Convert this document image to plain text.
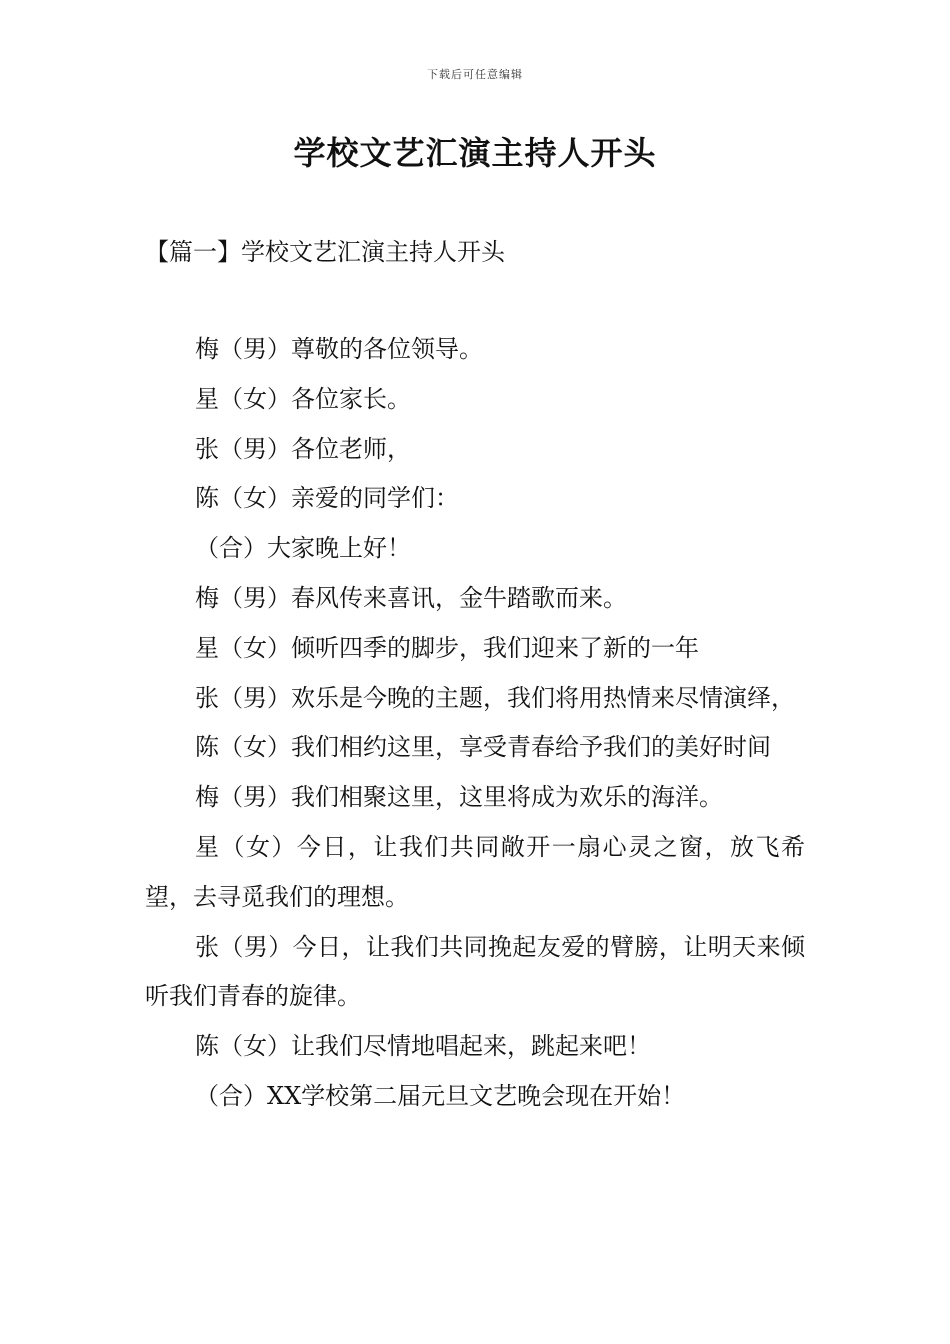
下载后可任意编辑
学校文艺汇演主持人开头
【篇一】学校文艺汇演主持人开头

梅（男）尊敬的各位领导。

星（女）各位家长。

张（男）各位老师，

陈（女）亲爱的同学们：

（合）大家晚上好！

梅（男）春风传来喜讯，金牛踏歌而来。

星（女）倾听四季的脚步，我们迎来了新的一年

张（男）欢乐是今晚的主题，我们将用热情来尽情演绎，

陈（女）我们相约这里，享受青春给予我们的美好时间

梅（男）我们相聚这里，这里将成为欢乐的海洋。

星（女）今日，让我们共同敞开一扇心灵之窗，放飞希望，去寻觅我们的理想。

张（男）今日，让我们共同挽起友爱的臂膀，让明天来倾听我们青春的旋律。

陈（女）让我们尽情地唱起来，跳起来吧！

（合）XX学校第二届元旦文艺晚会现在开始！
